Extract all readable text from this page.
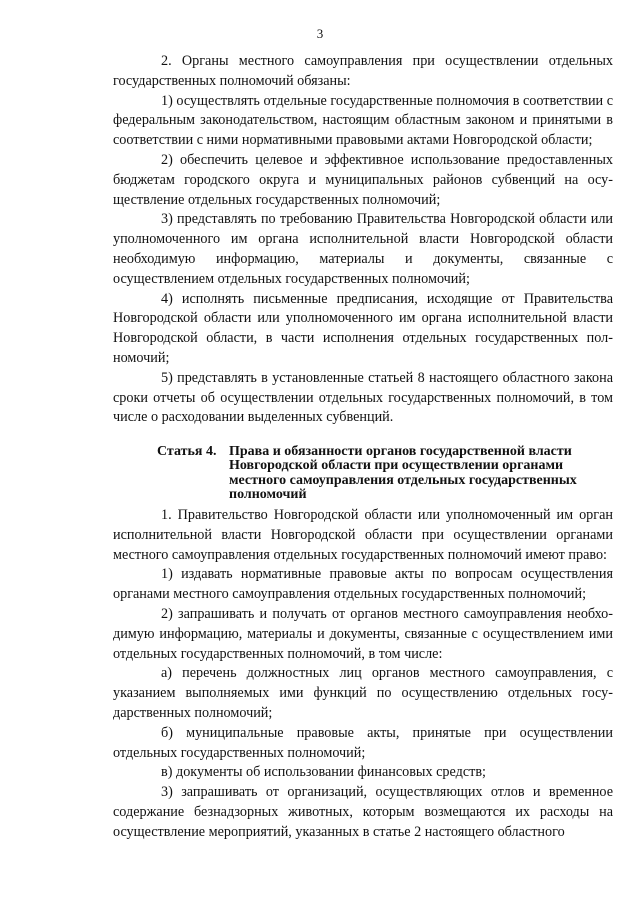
3

2. Органы местного самоуправления при осуществлении отдельных государственных полномочий обязаны:

1) осуществлять отдельные государственные полномочия в соответствии с федеральным законодательством, настоящим областным законом и принятыми в соответствии с ними нормативными правовыми актами Новгородской области;

2) обеспечить целевое и эффективное использование предоставленных бюджетам городского округа и муниципальных районов субвенций на осуществление отдельных государственных полномочий;

3) представлять по требованию Правительства Новгородской области или уполномоченного им органа исполнительной власти Новгородской области необходимую информацию, материалы и документы, связанные с осуществлением отдельных государственных полномочий;

4) исполнять письменные предписания, исходящие от Правительства Новгородской области или уполномоченного им органа исполнительной власти Новгородской области, в части исполнения отдельных государственных полномочий;

5) представлять в установленные статьей 8 настоящего областного закона сроки отчеты об осуществлении отдельных государственных полномочий, в том числе о расходовании выделенных субвенций.

Статья 4. Права и обязанности органов государственной власти Новгородской области при осуществлении органами местного самоуправления отдельных государственных полномочий

1. Правительство Новгородской области или уполномоченный им орган исполнительной власти Новгородской области при осуществлении органами местного самоуправления отдельных государственных полномочий имеют право:

1) издавать нормативные правовые акты по вопросам осуществления органами местного самоуправления отдельных государственных полномочий;

2) запрашивать и получать от органов местного самоуправления необходимую информацию, материалы и документы, связанные с осуществлением ими отдельных государственных полномочий, в том числе:

а) перечень должностных лиц органов местного самоуправления, с указанием выполняемых ими функций по осуществлению отдельных государственных полномочий;

б) муниципальные правовые акты, принятые при осуществлении отдельных государственных полномочий;

в) документы об использовании финансовых средств;

3) запрашивать от организаций, осуществляющих отлов и временное содержание безнадзорных животных, которым возмещаются их расходы на осуществление мероприятий, указанных в статье 2 настоящего областного
